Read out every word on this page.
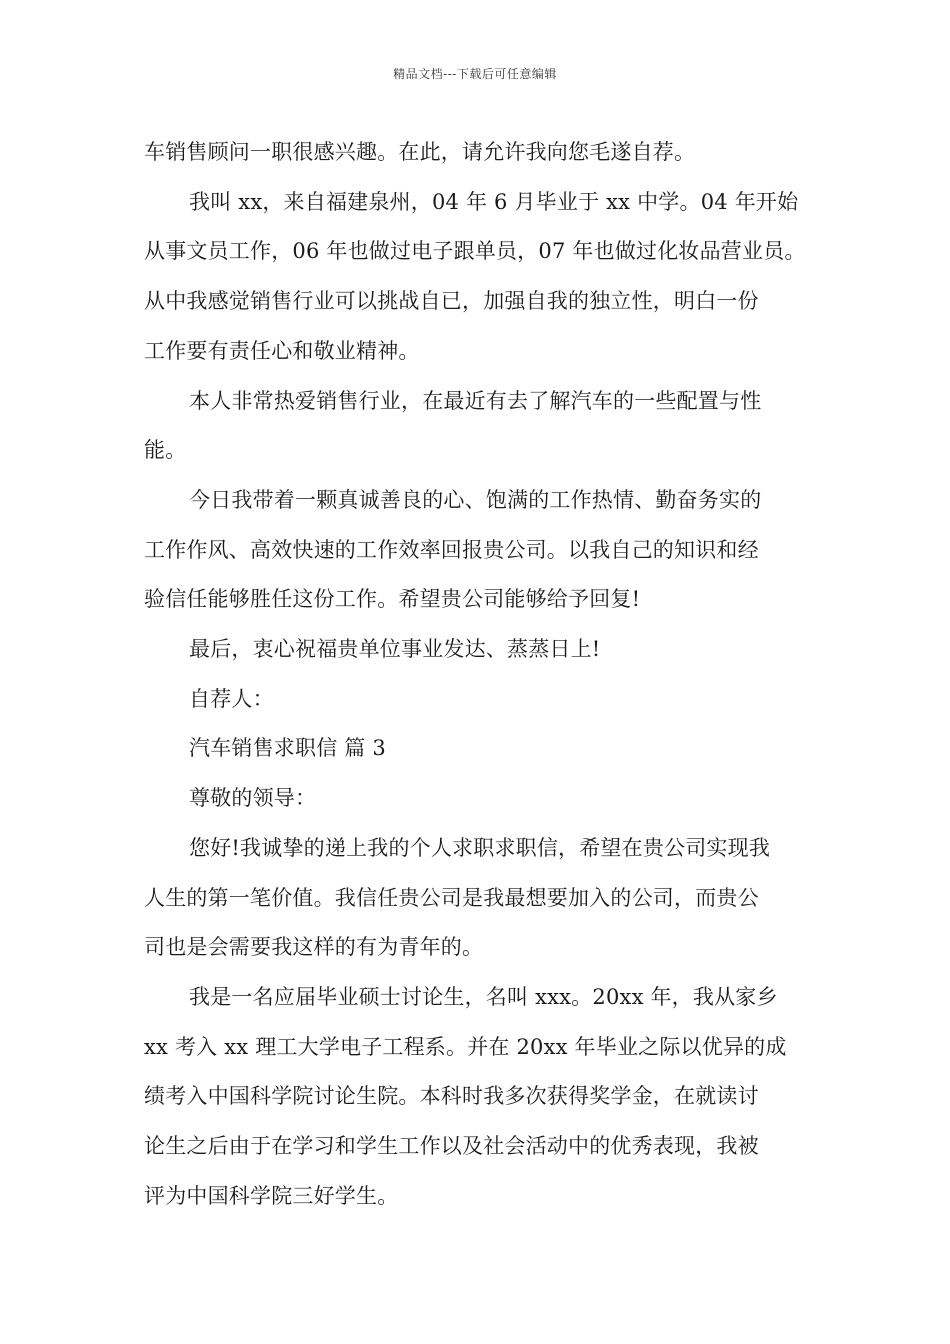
精品文档---下载后可任意编辑

车销售顾问一职很感兴趣。在此，请允许我向您毛遂自荐。

我叫 xx，来自福建泉州，04 年 6 月毕业于 xx 中学。04 年开始

从事文员工作，06 年也做过电子跟单员，07 年也做过化妆品营业员。

从中我感觉销售行业可以挑战自已，加强自我的独立性，明白一份

工作要有责任心和敬业精神。

本人非常热爱销售行业，在最近有去了解汽车的一些配置与性

能。

今日我带着一颗真诚善良的心、饱满的工作热情、勤奋务实的

工作作风、高效快速的工作效率回报贵公司。以我自己的知识和经

验信任能够胜任这份工作。希望贵公司能够给予回复!

最后，衷心祝福贵单位事业发达、蒸蒸日上!

自荐人：

汽车销售求职信 篇 3

尊敬的领导：

您好!我诚挚的递上我的个人求职求职信，希望在贵公司实现我

人生的第一笔价值。我信任贵公司是我最想要加入的公司，而贵公

司也是会需要我这样的有为青年的。

我是一名应届毕业硕士讨论生，名叫 xxx。20xx 年，我从家乡

xx 考入 xx 理工大学电子工程系。并在 20xx 年毕业之际以优异的成

绩考入中国科学院讨论生院。本科时我多次获得奖学金，在就读讨

论生之后由于在学习和学生工作以及社会活动中的优秀表现，我被

评为中国科学院三好学生。
